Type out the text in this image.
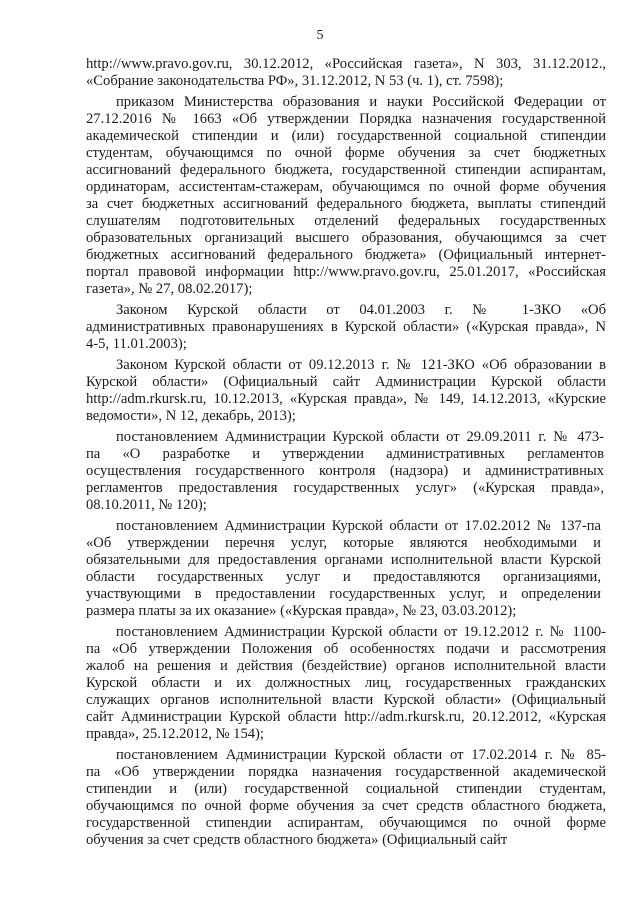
5
http://www.pravo.gov.ru, 30.12.2012, «Российская газета», N 303, 31.12.2012.,
«Собрание законодательства РФ», 31.12.2012, N 53 (ч. 1), ст. 7598);
приказом Министерства образования и науки Российской Федерации от
27.12.2016 № 1663 «Об утверждении Порядка назначения государственной
академической стипендии и (или) государственной социальной стипендии
студентам, обучающимся по очной форме обучения за счет бюджетных
ассигнований федерального бюджета, государственной стипендии аспирантам,
ординаторам, ассистентам-стажерам, обучающимся по очной форме обучения
за счет бюджетных ассигнований федерального бюджета, выплаты стипендий
слушателям подготовительных отделений федеральных государственных
образовательных организаций высшего образования, обучающимся за счет
бюджетных ассигнований федерального бюджета» (Официальный интернет-
портал правовой информации http://www.pravo.gov.ru, 25.01.2017, «Российская
газета», № 27, 08.02.2017);
Законом Курской области от 04.01.2003 г. № 1-ЗКО «Об
административных правонарушениях в Курской области» («Курская правда», N
4-5, 11.01.2003);
Законом Курской области от 09.12.2013 г. № 121-ЗКО «Об образовании в
Курской области» (Официальный сайт Администрации Курской области
http://adm.rkursk.ru, 10.12.2013, «Курская правда», № 149, 14.12.2013, «Курские
ведомости», N 12, декабрь, 2013);
постановлением Администрации Курской области от 29.09.2011 г. № 473-
па «О разработке и утверждении административных регламентов
осуществления государственного контроля (надзора) и административных
регламентов предоставления государственных услуг» («Курская правда»,
08.10.2011, № 120);
постановлением Администрации Курской области от 17.02.2012 № 137-па
«Об утверждении перечня услуг, которые являются необходимыми и
обязательными для предоставления органами исполнительной власти Курской
области государственных услуг и предоставляются организациями,
участвующими в предоставлении государственных услуг, и определении
размера платы за их оказание» («Курская правда», № 23, 03.03.2012);
постановлением Администрации Курской области от 19.12.2012 г. № 1100-
па «Об утверждении Положения об особенностях подачи и рассмотрения
жалоб на решения и действия (бездействие) органов исполнительной власти
Курской области и их должностных лиц, государственных гражданских
служащих органов исполнительной власти Курской области» (Официальный
сайт Администрации Курской области http://adm.rkursk.ru, 20.12.2012, «Курская
правда», 25.12.2012, № 154);
постановлением Администрации Курской области от 17.02.2014 г. № 85-
па «Об утверждении порядка назначения государственной академической
стипендии и (или) государственной социальной стипендии студентам,
обучающимся по очной форме обучения за счет средств областного бюджета,
государственной стипендии аспирантам, обучающимся по очной форме
обучения за счет средств областного бюджета» (Официальный сайт
